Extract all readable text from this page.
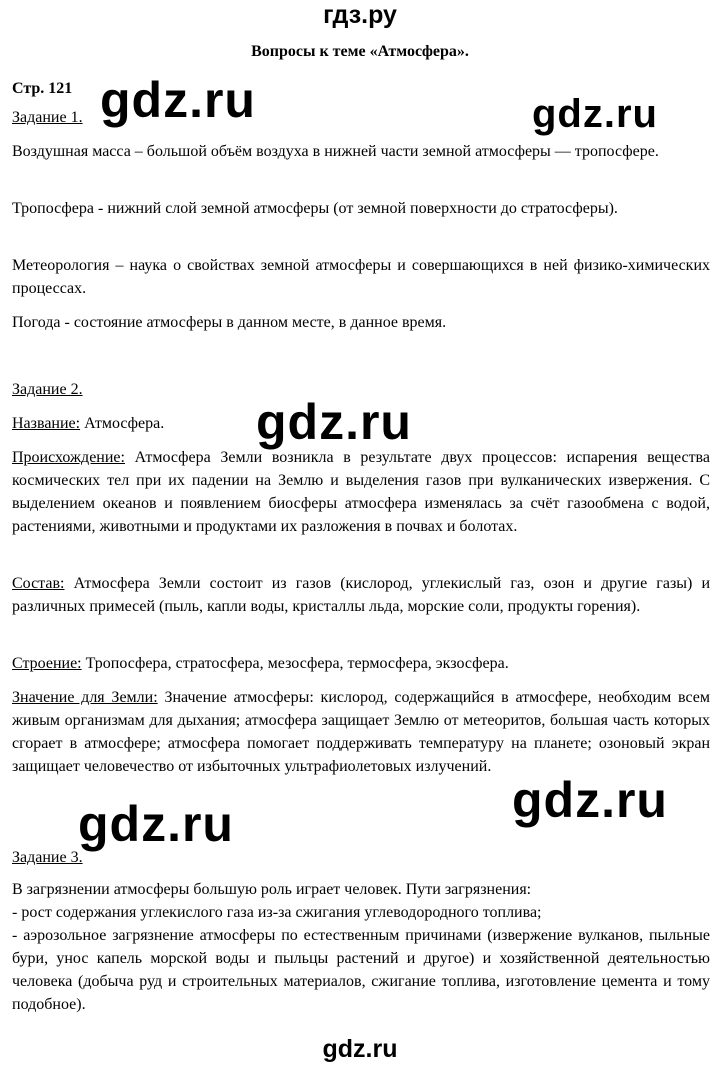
гдз.ру
Вопросы к теме «Атмосфера».
Стр. 121
Задание 1.
Воздушная масса – большой объём воздуха в нижней части земной атмосферы — тропосфере.
Тропосфера - нижний слой земной атмосферы (от земной поверхности до стратосферы).
Метеорология – наука о свойствах земной атмосферы и совершающихся в ней физико-химических процессах.
Погода - состояние атмосферы в данном месте, в данное время.
Задание 2.
Название: Атмосфера.
Происхождение: Атмосфера Земли возникла в результате двух процессов: испарения вещества космических тел при их падении на Землю и выделения газов при вулканических извержения. С выделением океанов и появлением биосферы атмосфера изменялась за счёт газообмена с водой, растениями, животными и продуктами их разложения в почвах и болотах.
Состав: Атмосфера Земли состоит из газов (кислород, углекислый газ, озон и другие газы) и различных примесей (пыль, капли воды, кристаллы льда, морские соли, продукты горения).
Строение: Тропосфера, стратосфера, мезосфера, термосфера, экзосфера.
Значение для Земли: Значение атмосферы: кислород, содержащийся в атмосфере, необходим всем живым организмам для дыхания; атмосфера защищает Землю от метеоритов, большая часть которых сгорает в атмосфере; атмосфера помогает поддерживать температуру на планете; озоновый экран защищает человечество от избыточных ультрафиолетовых излучений.
Задание 3.
В загрязнении атмосферы большую роль играет человек. Пути загрязнения:
- рост содержания углекислого газа из-за сжигания углеводородного топлива;
- аэрозольное загрязнение атмосферы по естественным причинами (извержение вулканов, пыльные бури, унос капель морской воды и пыльцы растений и другое) и хозяйственной деятельностью человека (добыча руд и строительных материалов, сжигание топлива, изготовление цемента и тому подобное).
gdz.ru	gdz.ru
gdz.ru
gdz.ru
gdz.ru
gdz.ru
